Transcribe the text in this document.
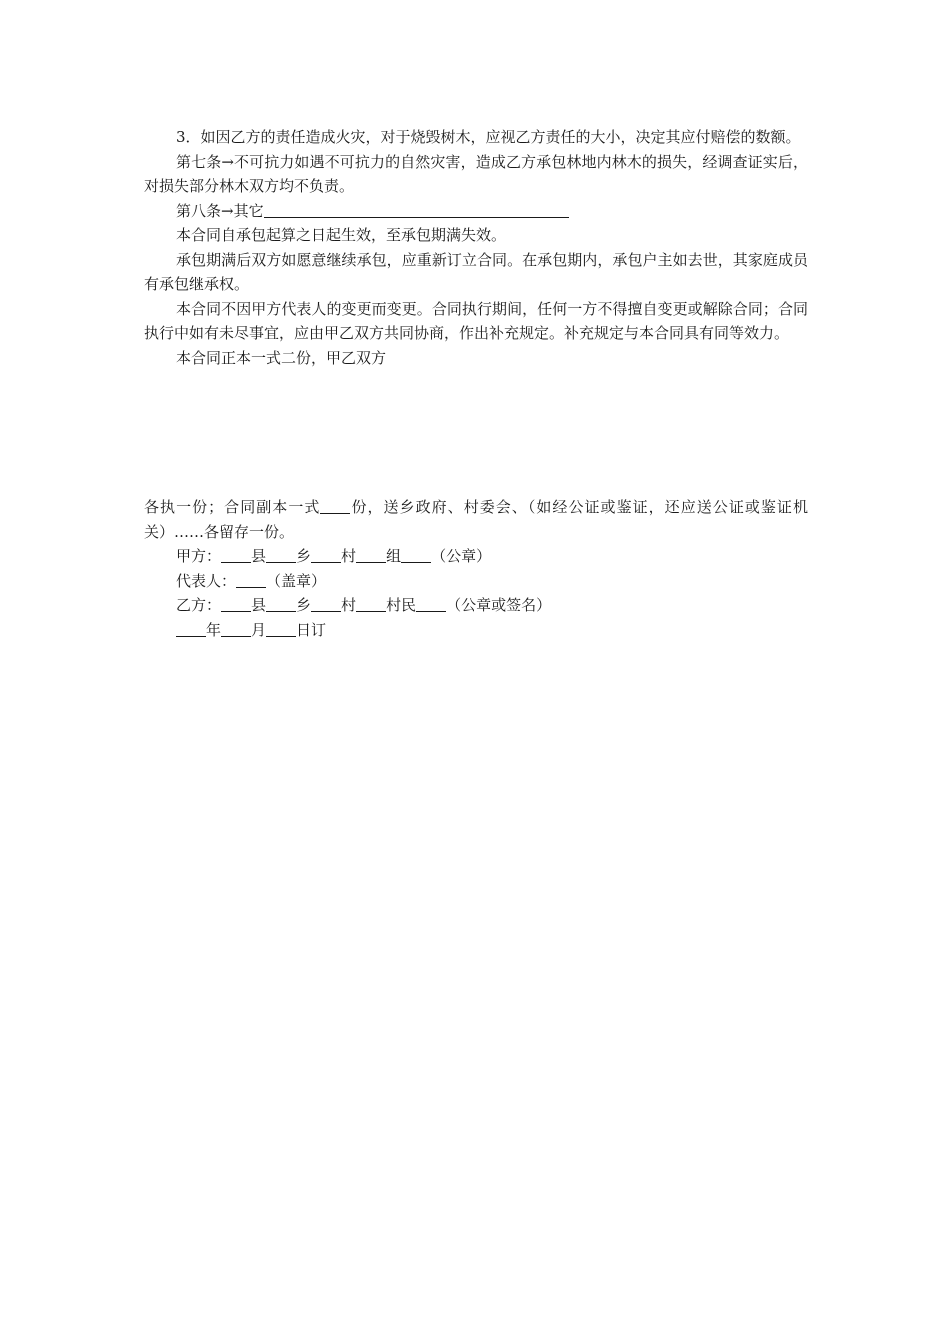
3．如因乙方的责任造成火灾，对于烧毁树木，应视乙方责任的大小，决定其应付赔偿的数额。

第七条→不可抗力如遇不可抗力的自然灾害，造成乙方承包林地内林木的损失，经调查证实后，对损失部分林木双方均不负责。

第八条→其它

本合同自承包起算之日起生效，至承包期满失效。

承包期满后双方如愿意继续承包，应重新订立合同。在承包期内，承包户主如去世，其家庭成员有承包继承权。

本合同不因甲方代表人的变更而变更。合同执行期间，任何一方不得擅自变更或解除合同；合同执行中如有未尽事宜，应由甲乙双方共同协商，作出补充规定。补充规定与本合同具有同等效力。

本合同正本一式二份，甲乙双方

各执一份；合同副本一式 份，送乡政府、村委会、（如经公证或鉴证，还应送公证或鉴证机关）……各留存一份。

甲方： 县 乡 村 组 （公章）

代表人： （盖章）

乙方： 县 乡 村 村民 （公章或签名）

年 月 日订
